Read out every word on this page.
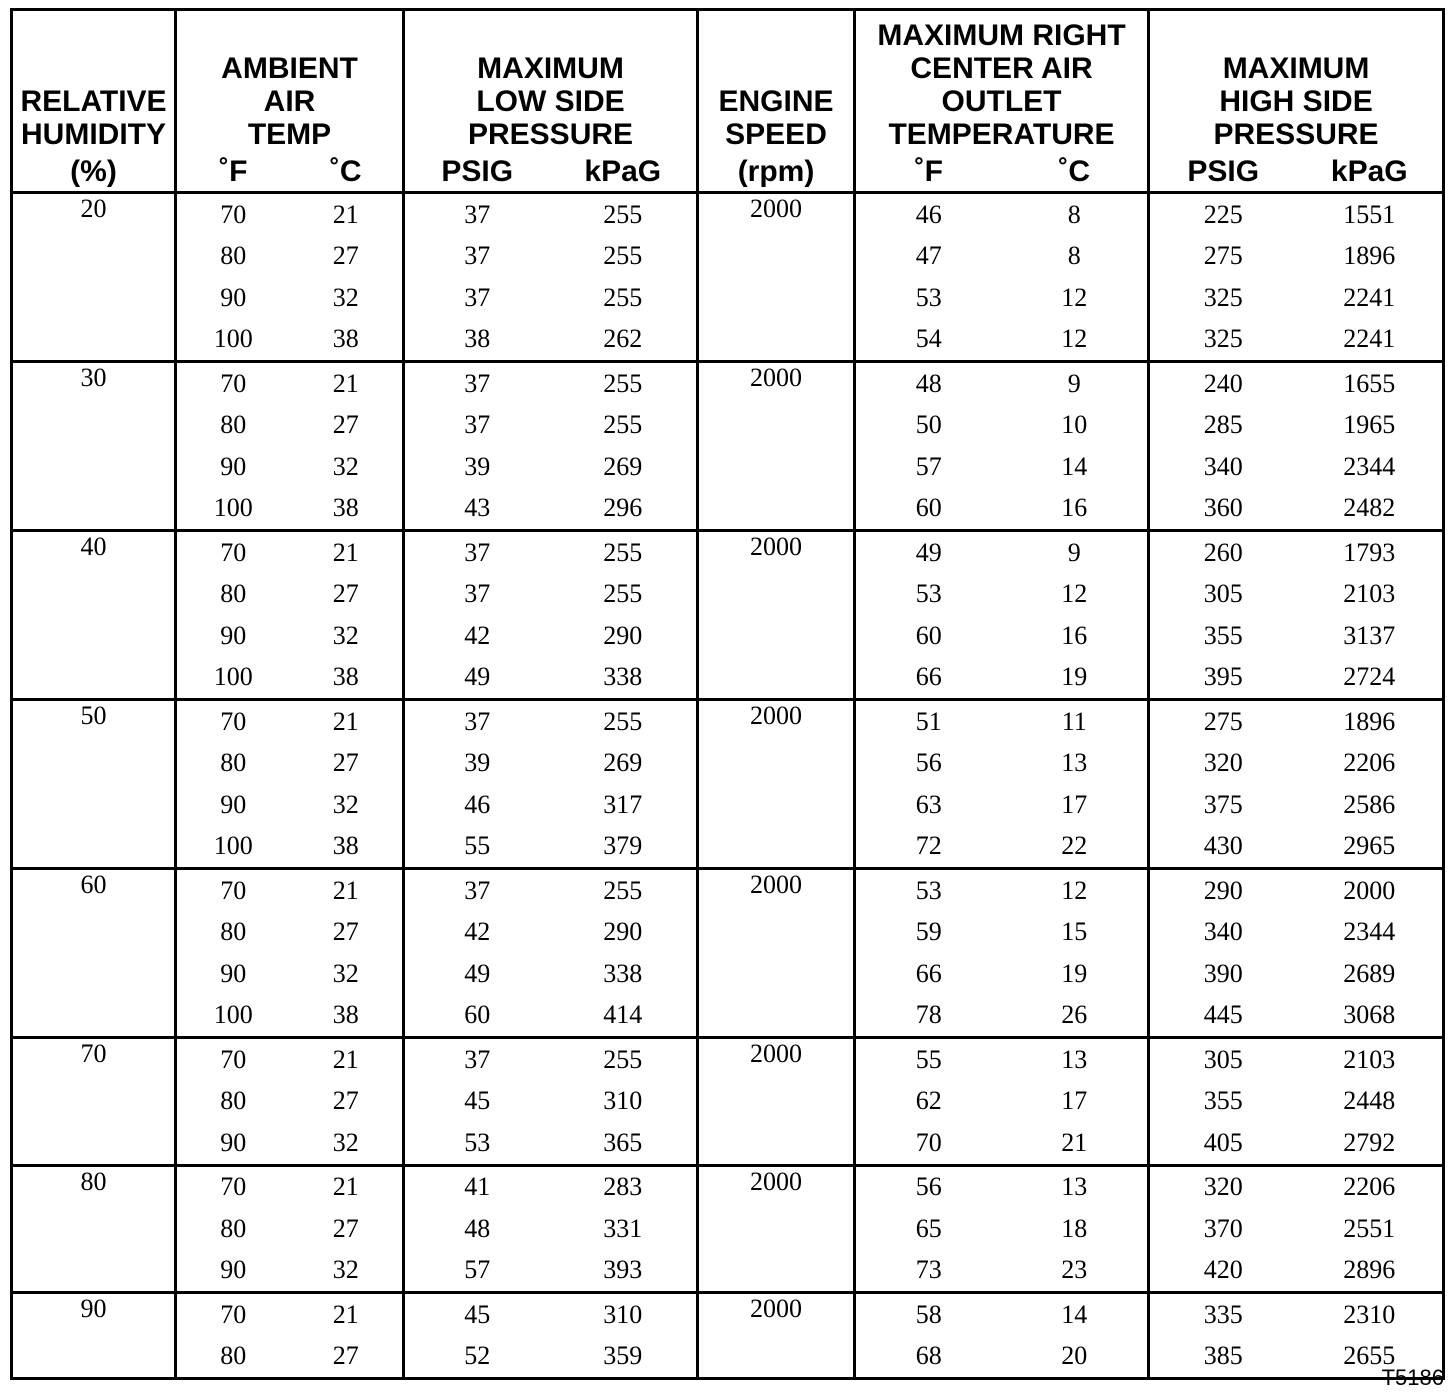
RELATIVE
HUMIDITY	AMBIENT
AIR
TEMP		MAXIMUM
LOW SIDE
PRESSURE		ENGINE
SPEED	MAXIMUM RIGHT
CENTER AIR
OUTLET
TEMPERATURE		MAXIMUM
HIGH SIDE
PRESSURE	
(%)	˚F	˚C	PSIG	kPaG	(rpm)	˚F	˚C	PSIG	kPaG
20	70	21	37	255	2000	46	8	225	1551
	80	27	37	255		47	8	275	1896
	90	32	37	255		53	12	325	2241
	100	38	38	262		54	12	325	2241
30	70	21	37	255	2000	48	9	240	1655
	80	27	37	255		50	10	285	1965
	90	32	39	269		57	14	340	2344
	100	38	43	296		60	16	360	2482
40	70	21	37	255	2000	49	9	260	1793
	80	27	37	255		53	12	305	2103
	90	32	42	290		60	16	355	3137
	100	38	49	338		66	19	395	2724
50	70	21	37	255	2000	51	11	275	1896
	80	27	39	269		56	13	320	2206
	90	32	46	317		63	17	375	2586
	100	38	55	379		72	22	430	2965
60	70	21	37	255	2000	53	12	290	2000
	80	27	42	290		59	15	340	2344
	90	32	49	338		66	19	390	2689
	100	38	60	414		78	26	445	3068
70	70	21	37	255	2000	55	13	305	2103
	80	27	45	310		62	17	355	2448
	90	32	53	365		70	21	405	2792
80	70	21	41	283	2000	56	13	320	2206
	80	27	48	331		65	18	370	2551
	90	32	57	393		73	23	420	2896
90	70	21	45	310	2000	58	14	335	2310
	80	27	52	359		68	20	385	2655
T5186
